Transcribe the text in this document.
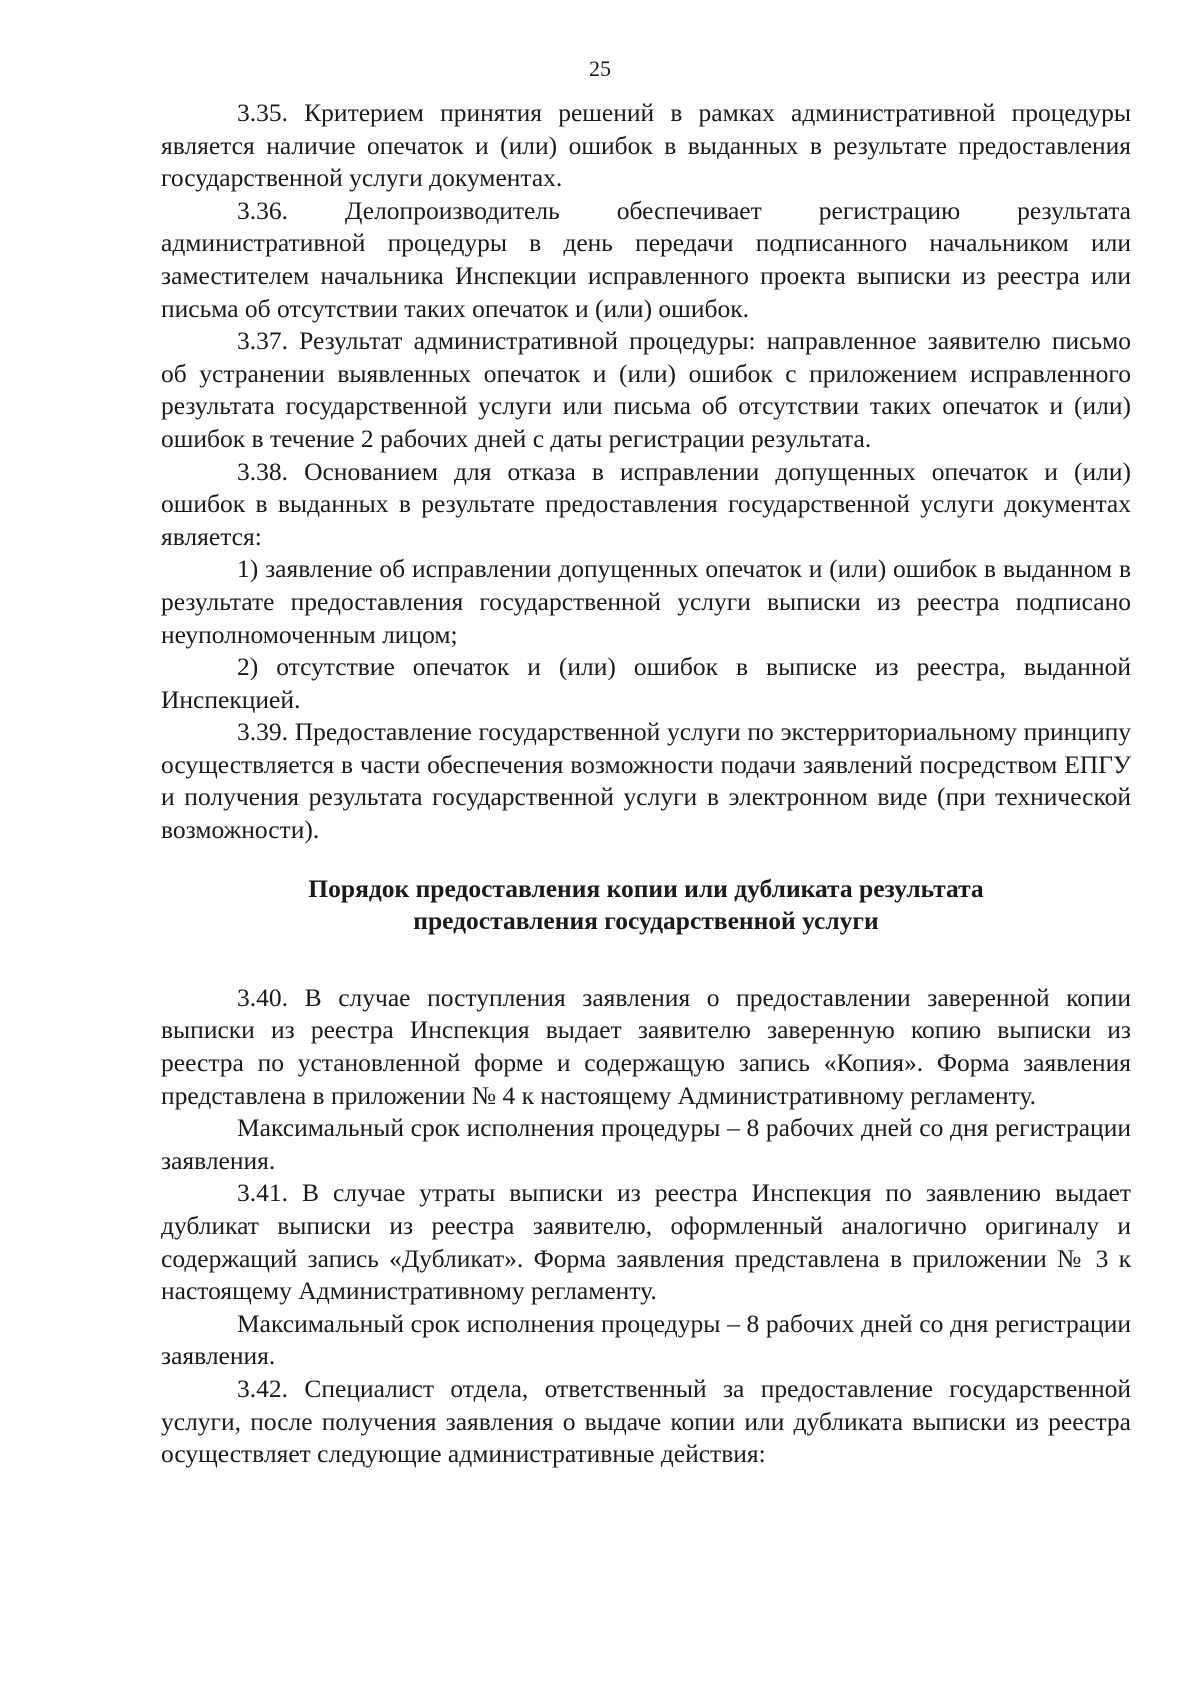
25

3.35. Критерием принятия решений в рамках административной процедуры является наличие опечаток и (или) ошибок в выданных в результате предоставления государственной услуги документах.

3.36. Делопроизводитель обеспечивает регистрацию результата административной процедуры в день передачи подписанного начальником или заместителем начальника Инспекции исправленного проекта выписки из реестра или письма об отсутствии таких опечаток и (или) ошибок.

3.37. Результат административной процедуры: направленное заявителю письмо об устранении выявленных опечаток и (или) ошибок с приложением исправленного результата государственной услуги или письма об отсутствии таких опечаток и (или) ошибок в течение 2 рабочих дней с даты регистрации результата.

3.38. Основанием для отказа в исправлении допущенных опечаток и (или) ошибок в выданных в результате предоставления государственной услуги документах является:

1) заявление об исправлении допущенных опечаток и (или) ошибок в выданном в результате предоставления государственной услуги выписки из реестра подписано неуполномоченным лицом;

2) отсутствие опечаток и (или) ошибок в выписке из реестра, выданной Инспекцией.

3.39. Предоставление государственной услуги по экстерриториальному принципу осуществляется в части обеспечения возможности подачи заявлений посредством ЕПГУ и получения результата государственной услуги в электронном виде (при технической возможности).

Порядок предоставления копии или дубликата результата
предоставления государственной услуги

3.40. В случае поступления заявления о предоставлении заверенной копии выписки из реестра Инспекция выдает заявителю заверенную копию выписки из реестра по установленной форме и содержащую запись «Копия». Форма заявления представлена в приложении № 4 к настоящему Административному регламенту.

Максимальный срок исполнения процедуры – 8 рабочих дней со дня регистрации заявления.

3.41. В случае утраты выписки из реестра Инспекция по заявлению выдает дубликат выписки из реестра заявителю, оформленный аналогично оригиналу и содержащий запись «Дубликат». Форма заявления представлена в приложении № 3 к настоящему Административному регламенту.

Максимальный срок исполнения процедуры – 8 рабочих дней со дня регистрации заявления.

3.42. Специалист отдела, ответственный за предоставление государственной услуги, после получения заявления о выдаче копии или дубликата выписки из реестра осуществляет следующие административные действия:
